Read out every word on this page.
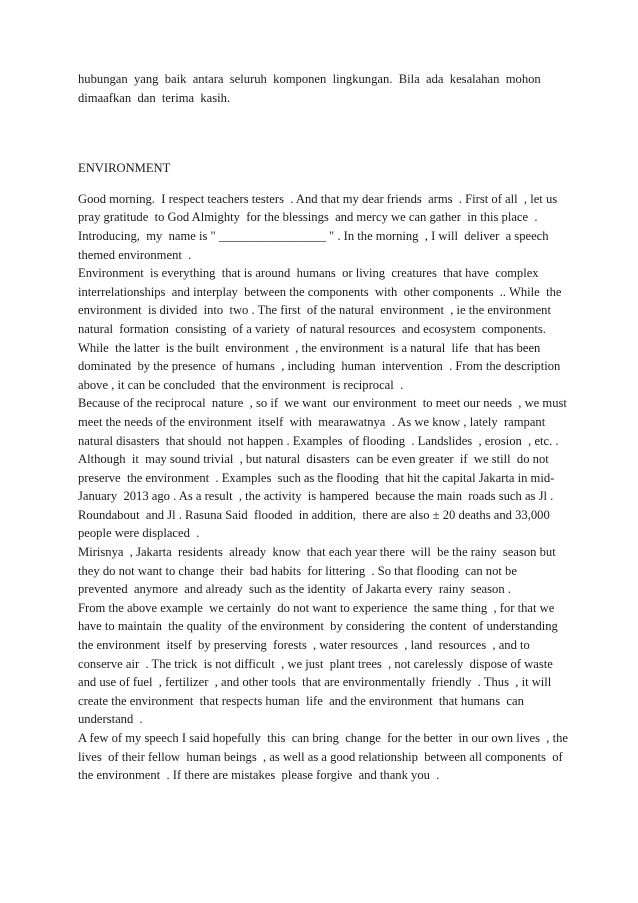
hubungan  yang  baik  antara  seluruh  komponen  lingkungan.  Bila  ada  kesalahan  mohon
dimaafkan  dan  terima  kasih.
ENVIRONMENT
Good morning.  I respect teachers testers  . And that my dear friends  arms  . First of all  , let us
pray gratitude  to God Almighty  for the blessings  and mercy we can gather  in this place  .
Introducing,  my  name is " _________________ " . In the morning  , I will  deliver  a speech
themed environment  .
Environment  is everything  that is around  humans  or living  creatures  that have  complex
interrelationships  and interplay  between the components  with  other components  .. While  the
environment  is divided  into  two . The first  of the natural  environment  , ie the environment
natural  formation  consisting  of a variety  of natural resources  and ecosystem  components.
While  the latter  is the built  environment  , the environment  is a natural  life  that has been
dominated  by the presence  of humans  , including  human  intervention  . From the description
above , it can be concluded  that the environment  is reciprocal  .
Because of the reciprocal  nature  , so if  we want  our environment  to meet our needs  , we must
meet the needs of the environment  itself  with  mearawatnya  . As we know , lately  rampant
natural disasters  that should  not happen . Examples  of flooding  . Landslides  , erosion  , etc. .
Although  it  may sound trivial  , but natural  disasters  can be even greater  if  we still  do not
preserve  the environment  . Examples  such as the flooding  that hit the capital Jakarta in mid-
January  2013 ago . As a result  , the activity  is hampered  because the main  roads such as Jl .
Roundabout  and Jl . Rasuna Said  flooded  in addition,  there are also ± 20 deaths and 33,000
people were displaced  .
Mirisnya  , Jakarta  residents  already  know  that each year there  will  be the rainy  season but
they do not want to change  their  bad habits  for littering  . So that flooding  can not be
prevented  anymore  and already  such as the identity  of Jakarta every  rainy  season .
From the above example  we certainly  do not want to experience  the same thing  , for that we
have to maintain  the quality  of the environment  by considering  the content  of understanding
the environment  itself  by preserving  forests  , water resources  , land  resources  , and to
conserve air  . The trick  is not difficult  , we just  plant trees  , not carelessly  dispose of waste
and use of fuel  , fertilizer  , and other tools  that are environmentally  friendly  . Thus  , it will
create the environment  that respects human  life  and the environment  that humans  can
understand  .
A few of my speech I said hopefully  this  can bring  change  for the better  in our own lives  , the
lives  of their fellow  human beings  , as well as a good relationship  between all components  of
the environment  . If there are mistakes  please forgive  and thank you  .
